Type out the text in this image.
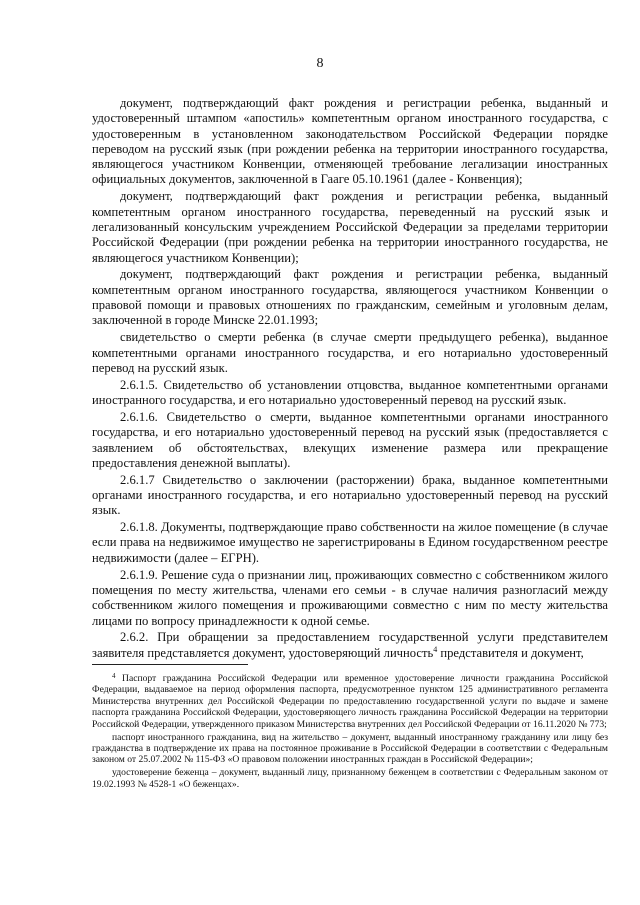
8

документ, подтверждающий факт рождения и регистрации ребенка, выданный и удостоверенный штампом «апостиль» компетентным органом иностранного государства, с удостоверенным в установленном законодательством Российской Федерации порядке переводом на русский язык (при рождении ребенка на территории иностранного государства, являющегося участником Конвенции, отменяющей требование легализации иностранных официальных документов, заключенной в Гааге 05.10.1961 (далее - Конвенция);

документ, подтверждающий факт рождения и регистрации ребенка, выданный компетентным органом иностранного государства, переведенный на русский язык и легализованный консульским учреждением Российской Федерации за пределами территории Российской Федерации (при рождении ребенка на территории иностранного государства, не являющегося участником Конвенции);

документ, подтверждающий факт рождения и регистрации ребенка, выданный компетентным органом иностранного государства, являющегося участником Конвенции о правовой помощи и правовых отношениях по гражданским, семейным и уголовным делам, заключенной в городе Минске 22.01.1993;

свидетельство о смерти ребенка (в случае смерти предыдущего ребенка), выданное компетентными органами иностранного государства, и его нотариально удостоверенный перевод на русский язык.

2.6.1.5. Свидетельство об установлении отцовства, выданное компетентными органами иностранного государства, и его нотариально удостоверенный перевод на русский язык.

2.6.1.6. Свидетельство о смерти, выданное компетентными органами иностранного государства, и его нотариально удостоверенный перевод на русский язык (предоставляется с заявлением об обстоятельствах, влекущих изменение размера или прекращение предоставления денежной выплаты).

2.6.1.7 Свидетельство о заключении (расторжении) брака, выданное компетентными органами иностранного государства, и его нотариально удостоверенный перевод на русский язык.

2.6.1.8. Документы, подтверждающие право собственности на жилое помещение (в случае если права на недвижимое имущество не зарегистрированы в Едином государственном реестре недвижимости (далее – ЕГРН).

2.6.1.9. Решение суда о признании лиц, проживающих совместно с собственником жилого помещения по месту жительства, членами его семьи - в случае наличия разногласий между собственником жилого помещения и проживающими совместно с ним по месту жительства лицами по вопросу принадлежности к одной семье.

2.6.2. При обращении за предоставлением государственной услуги представителем заявителя представляется документ, удостоверяющий личность$^4$ представителя и документ,

$^4$ Паспорт гражданина Российской Федерации или временное удостоверение личности гражданина Российской Федерации, выдаваемое на период оформления паспорта, предусмотренное пунктом 125 административного регламента Министерства внутренних дел Российской Федерации по предоставлению государственной услуги по выдаче и замене паспорта гражданина Российской Федерации, удостоверяющего личность гражданина Российской Федерации на территории Российской Федерации, утвержденного приказом Министерства внутренних дел Российской Федерации от 16.11.2020 № 773;

паспорт иностранного гражданина, вид на жительство – документ, выданный иностранному гражданину или лицу без гражданства в подтверждение их права на постоянное проживание в Российской Федерации в соответствии с Федеральным законом от 25.07.2002 № 115-ФЗ «О правовом положении иностранных граждан в Российской Федерации»;

удостоверение беженца – документ, выданный лицу, признанному беженцем в соответствии с Федеральным законом от 19.02.1993 № 4528-1 «О беженцах».
